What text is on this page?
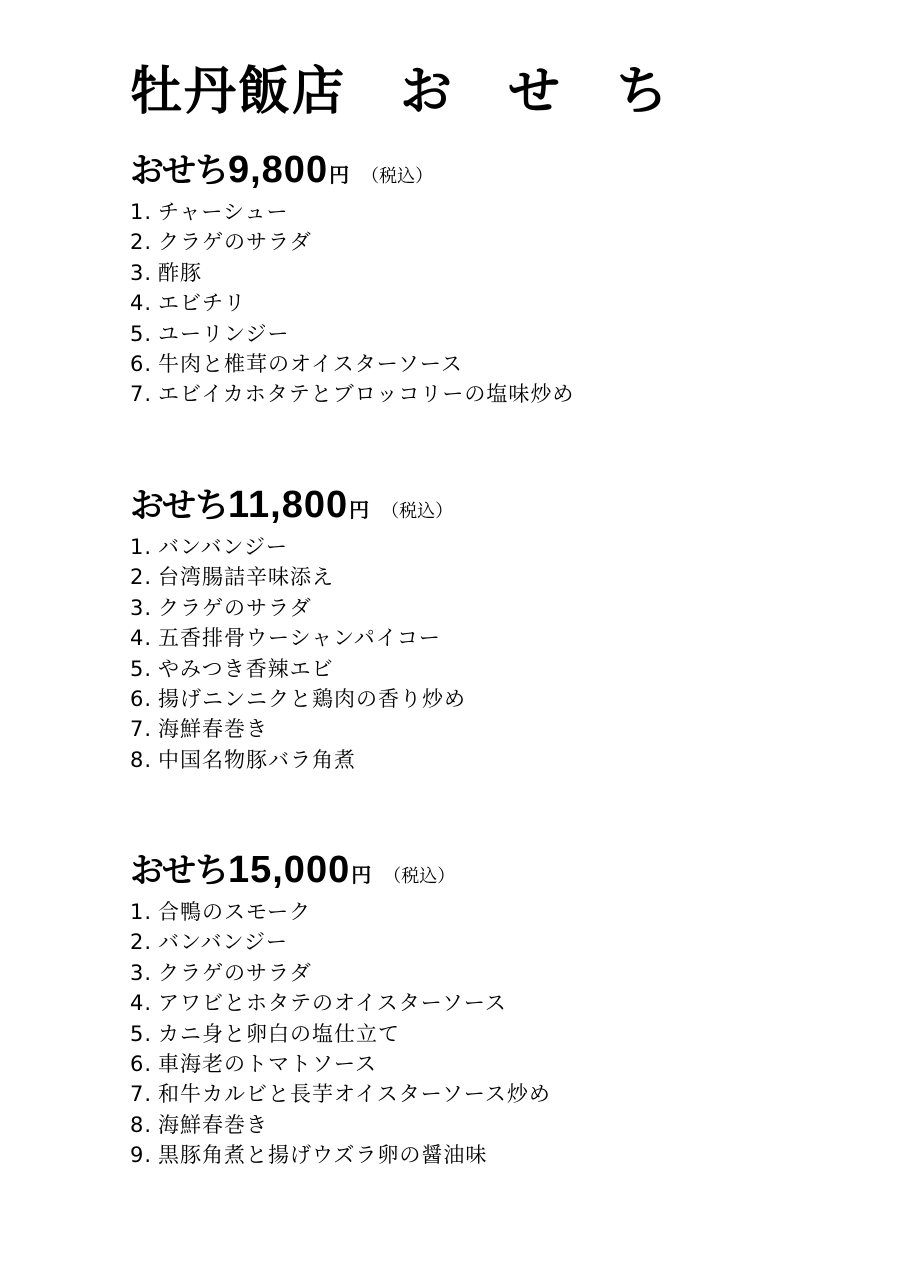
牡丹飯店　お　せ　ち
おせち 9,800 円 （税込）
1. チャーシュー
2. クラゲのサラダ
3. 酢豚
4. エビチリ
5. ユーリンジー
6. 牛肉と椎茸のオイスターソース
7. エビイカホタテとブロッコリーの塩味炒め
おせち 11,800 円 （税込）
1. バンバンジー
2. 台湾腸詰辛味添え
3. クラゲのサラダ
4. 五香排骨ウーシャンパイコー
5. やみつき香辣エビ
6. 揚げニンニクと鶏肉の香り炒め
7. 海鮮春巻き
8. 中国名物豚バラ角煮
おせち 15,000 円 （税込）
1. 合鴨のスモーク
2. バンバンジー
3. クラゲのサラダ
4. アワビとホタテのオイスターソース
5. カニ身と卵白の塩仕立て
6. 車海老のトマトソース
7. 和牛カルビと長芋オイスターソース炒め
8. 海鮮春巻き
9. 黒豚角煮と揚げウズラ卵の醤油味
